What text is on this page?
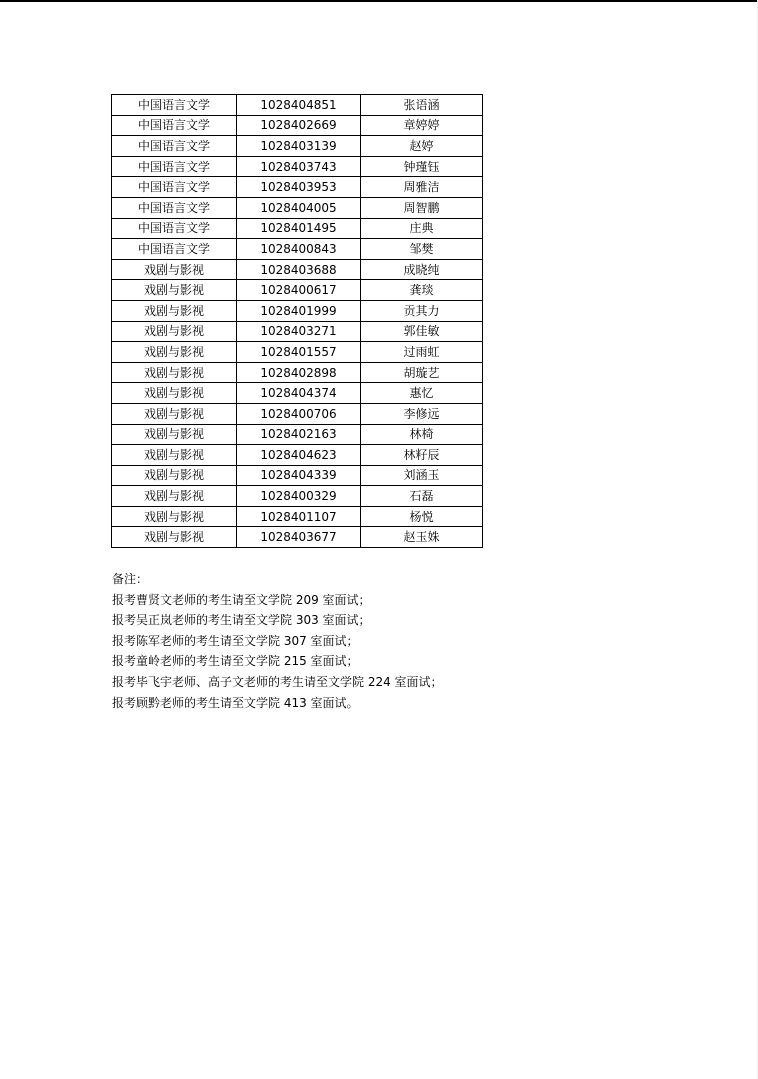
中国语言文学	1028404851	张语涵
中国语言文学	1028402669	章婷婷
中国语言文学	1028403139	赵婷
中国语言文学	1028403743	钟瑾钰
中国语言文学	1028403953	周雅洁
中国语言文学	1028404005	周智鹏
中国语言文学	1028401495	庄典
中国语言文学	1028400843	邹樊
戏剧与影视	1028403688	成晓纯
戏剧与影视	1028400617	龚琰
戏剧与影视	1028401999	贡其力
戏剧与影视	1028403271	郭佳敏
戏剧与影视	1028401557	过雨虹
戏剧与影视	1028402898	胡璇艺
戏剧与影视	1028404374	惠忆
戏剧与影视	1028400706	李修远
戏剧与影视	1028402163	林椅
戏剧与影视	1028404623	林籽辰
戏剧与影视	1028404339	刘涵玉
戏剧与影视	1028400329	石磊
戏剧与影视	1028401107	杨悦
戏剧与影视	1028403677	赵玉姝
备注：
报考曹贤文老师的考生请至文学院 209 室面试；
报考吴正岚老师的考生请至文学院 303 室面试；
报考陈军老师的考生请至文学院 307 室面试；
报考童岭老师的考生请至文学院 215 室面试；
报考毕飞宇老师、高子文老师的考生请至文学院 224 室面试；
报考顾黔老师的考生请至文学院 413 室面试。
